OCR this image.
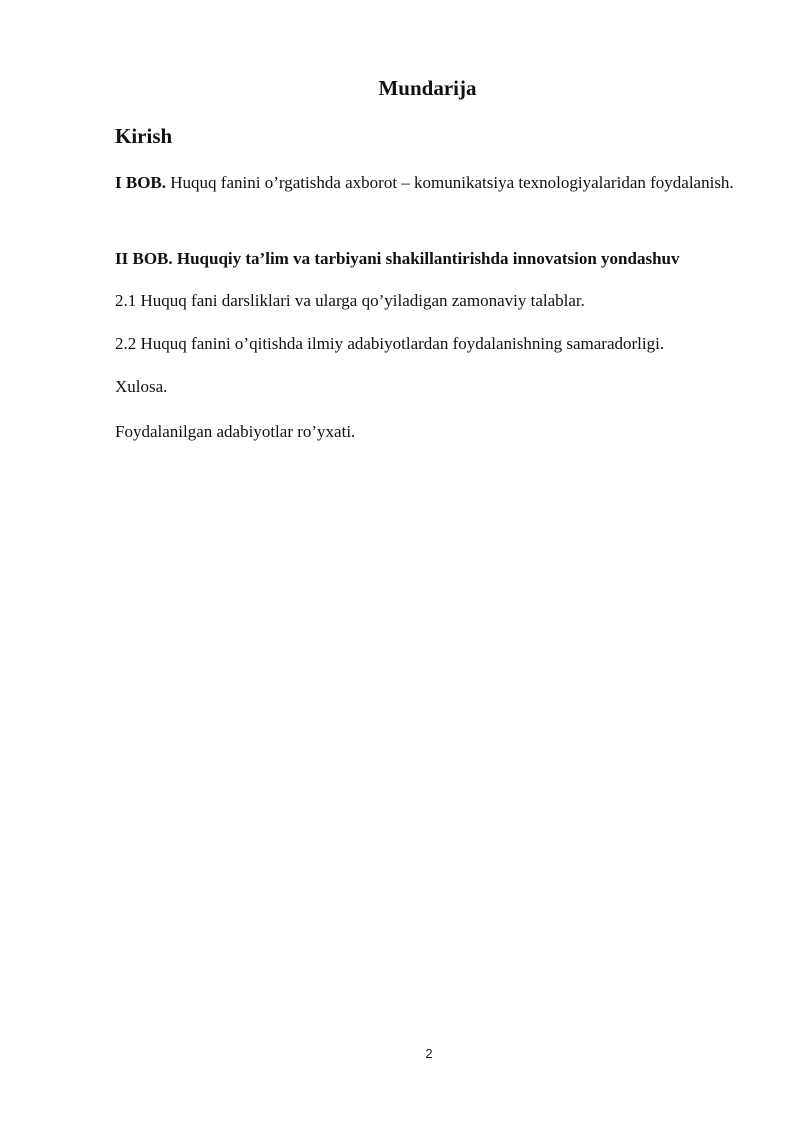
Mundarija
Kirish
I BOB. Huquq fanini o’rgatishda axborot – komunikatsiya texnologiyalaridan foydalanish.
II BOB. Huquqiy ta’lim va tarbiyani shakillantirishda innovatsion yondashuv
2.1 Huquq fani darsliklari va ularga qo’yiladigan zamonaviy talablar.
2.2 Huquq fanini o’qitishda ilmiy adabiyotlardan foydalanishning samaradorligi.
Xulosa.
Foydalanilgan adabiyotlar ro’yxati.
2
